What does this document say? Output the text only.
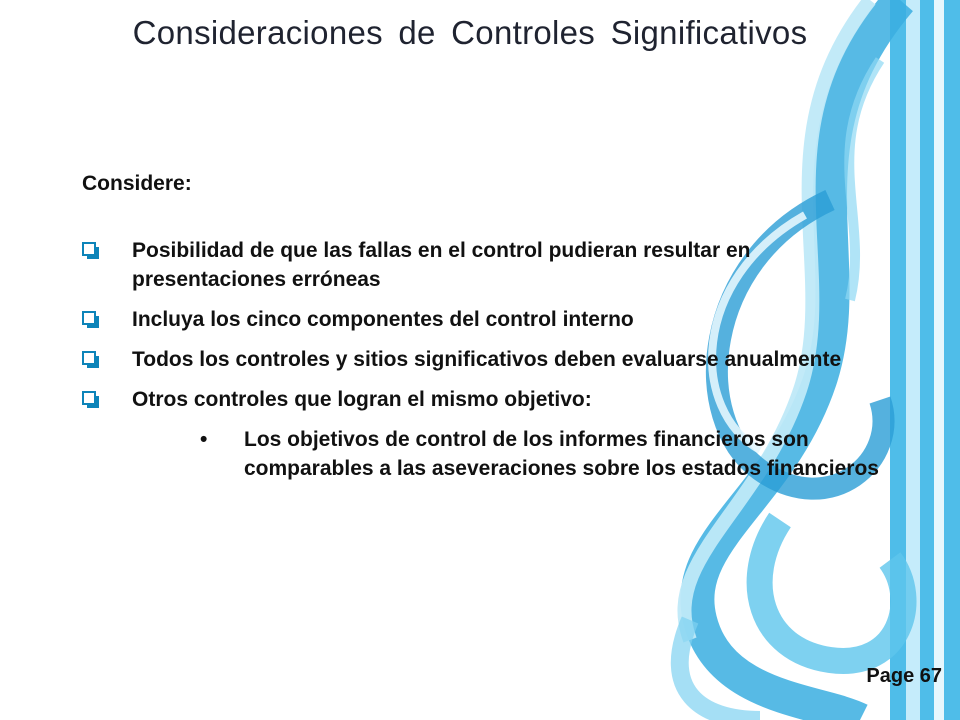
Consideraciones de Controles Significativos
Considere:
Posibilidad de que las fallas en el control pudieran resultar en presentaciones erróneas
Incluya los cinco componentes del control interno
Todos los controles y sitios significativos deben evaluarse anualmente
Otros controles que logran el mismo objetivo:
• Los objetivos de control de los informes financieros son comparables a las aseveraciones sobre los estados financieros
Page 67
